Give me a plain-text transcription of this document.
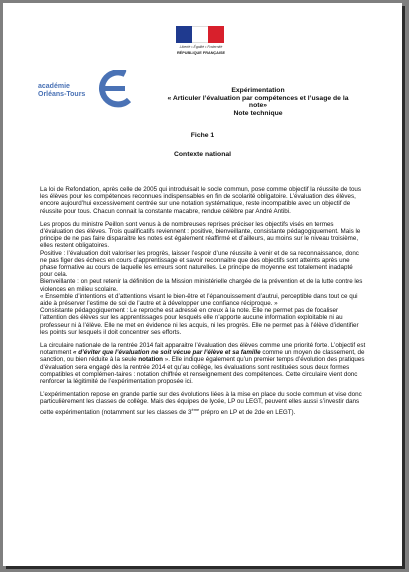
Liberté • Égalité • Fraternité
RÉPUBLIQUE FRANÇAISE
académie
Orléans-Tours
Expérimentation
« Articuler l’évaluation par compétences et l’usage de la
note»
Note technique
Fiche 1
Contexte national

La loi de Refondation, après celle de 2005 qui introduisait le socle commun, pose comme objectif la réussite de tous les élèves pour les compétences reconnues indispensables en fin de scolarité obligatoire. L’évaluation des élèves, encore aujourd’hui excessivement centrée sur une notation systématique, reste incompatible avec un objectif de réussite pour tous. Chacun connait la constante macabre, rendue célèbre par André Antibi.

Les propos du ministre Peillon sont venus à de nombreuses reprises préciser les objectifs visés en termes d’évaluation des élèves. Trois qualificatifs reviennent : positive, bienveillante, consistante pédagogiquement. Mais le principe de ne pas faire disparaitre les notes est également réaffirmé et d’ailleurs, au moins sur le niveau troisième, elles restent obligatoires.

Positive : l’évaluation doit valoriser les progrès, laisser l’espoir d’une réussite à venir et de sa reconnaissance, donc ne pas figer des échecs en cours d’apprentissage et savoir reconnaitre que des objectifs sont atteints après une phase formative au cours de laquelle les erreurs sont naturelles. Le principe de moyenne est totalement inadapté pour cela.

Bienveillante : on peut retenir la définition de la Mission ministérielle chargée de la prévention et de la lutte contre les violences en milieu scolaire.

« Ensemble d’intentions et d’attentions visant le bien-être et l’épanouissement d’autrui, perceptible dans tout ce qui aide à préserver l’estime de soi de l’autre et à développer une confiance réciproque. »

Consistante pédagogiquement : Le reproche est adressé en creux à la note. Elle ne permet pas de focaliser l’attention des élèves sur les apprentissages pour lesquels elle n’apporte aucune information exploitable ni au professeur ni à l’élève. Elle ne met en évidence ni les acquis, ni les progrès. Elle ne permet pas à l’élève d’identifier les points sur lesquels il doit concentrer ses efforts.

La circulaire nationale de la rentrée 2014 fait apparaitre l’évaluation des élèves comme une priorité forte. L’objectif est notamment « d’éviter que l’évaluation ne soit vécue par l’élève et sa famille comme un moyen de classement, de sanction, ou bien réduite à la seule notation ». Elle indique également qu’un premier temps d’évolution des pratiques d’évaluation sera engagé dès la rentrée 2014 et qu’au collège, les évaluations sont restituées sous deux formes compatibles et complémen-taires : notation chiffrée et renseignement des compétences. Cette circulaire vient donc renforcer la légitimité de l’expérimentation proposée ici.

L’expérimentation repose en grande partie sur des évolutions liées à la mise en place du socle commun et vise donc particulièrement les classes de collège. Mais des équipes de lycée, LP ou LEGT, peuvent elles aussi s’investir dans cette expérimentation (notamment sur les classes de 3ème prépro en LP et de 2de en LEGT).
